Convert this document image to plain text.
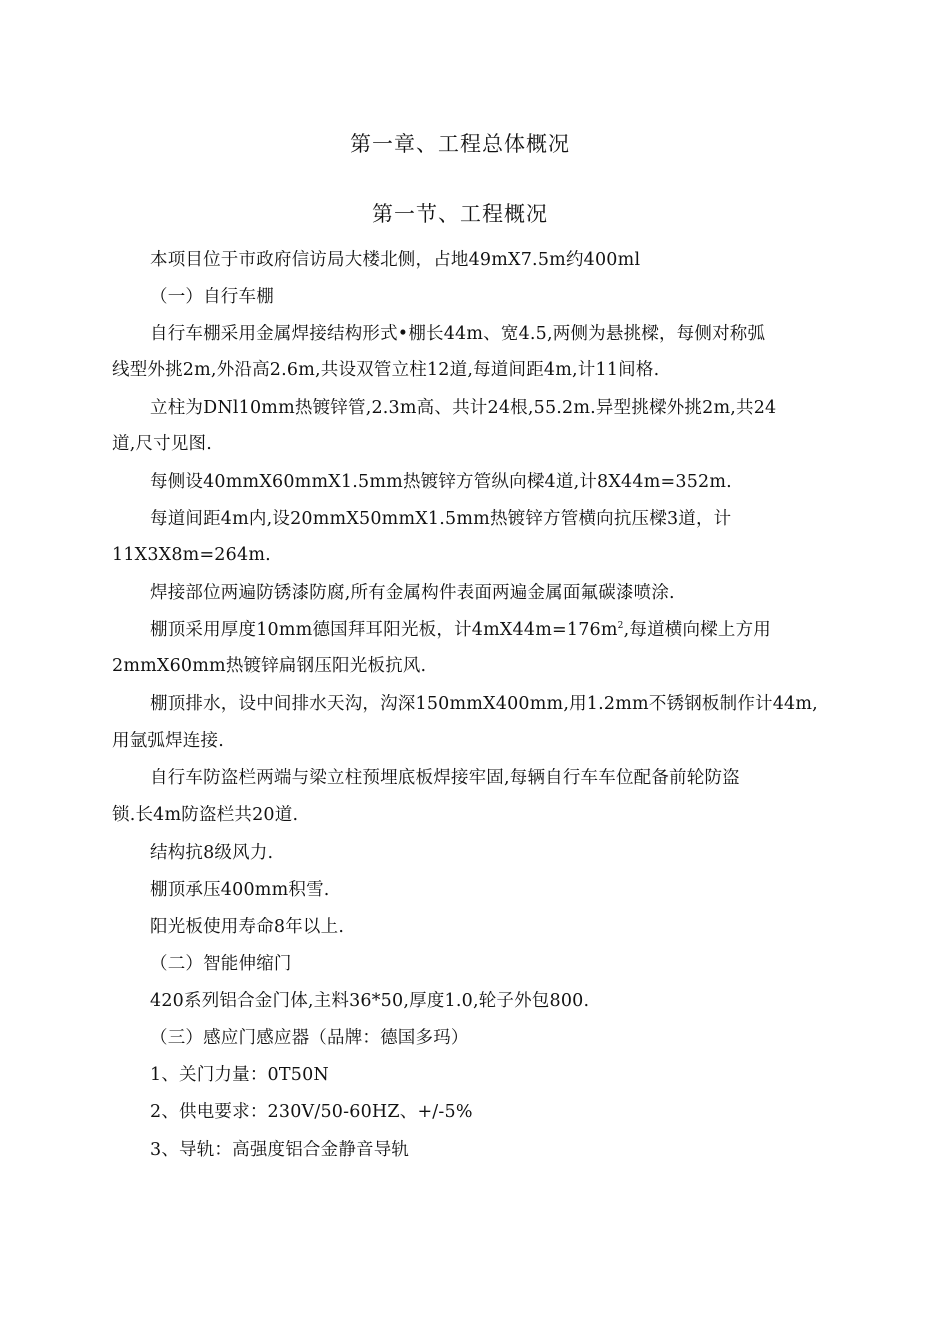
第一章、工程总体概况
第一节、工程概况
本项目位于市政府信访局大楼北侧，占地49mX7.5m约400ml
（一）自行车棚
自行车棚采用金属焊接结构形式•棚长44m、宽4.5,两侧为悬挑樑，每侧对称弧
线型外挑2m,外沿高2.6m,共设双管立柱12道,每道间距4m,计11间格.
立柱为DNl10mm热镀锌管,2.3m高、共计24根,55.2m.异型挑樑外挑2m,共24
道,尺寸见图.
每侧设40mmX60mmX1.5mm热镀锌方管纵向樑4道,计8X44m=352m.
每道间距4m内,设20mmX50mmX1.5mm热镀锌方管横向抗压樑3道，计
11X3X8m=264m.
焊接部位两遍防锈漆防腐,所有金属构件表面两遍金属面氟碳漆喷涂.
棚顶采用厚度10mm德国拜耳阳光板，计$4mX44m=176m^2$,每道横向樑上方用
2mmX60mm热镀锌扁钢压阳光板抗风.
棚顶排水，设中间排水天沟，沟深150mmX400mm,用1.2mm不锈钢板制作计44m,
用氩弧焊连接.
自行车防盗栏两端与梁立柱预埋底板焊接牢固,每辆自行车车位配备前轮防盗
锁.长4m防盗栏共20道.
结构抗8级风力.
棚顶承压400mm积雪.
阳光板使用寿命8年以上.
（二）智能伸缩门
420系列铝合金门体,主料36*50,厚度1.0,轮子外包800.
（三）感应门感应器（品牌：德国多玛）
1、关门力量：0T50N
2、供电要求：230V/50-60HZ、+/-5%
3、导轨：高强度铝合金静音导轨
